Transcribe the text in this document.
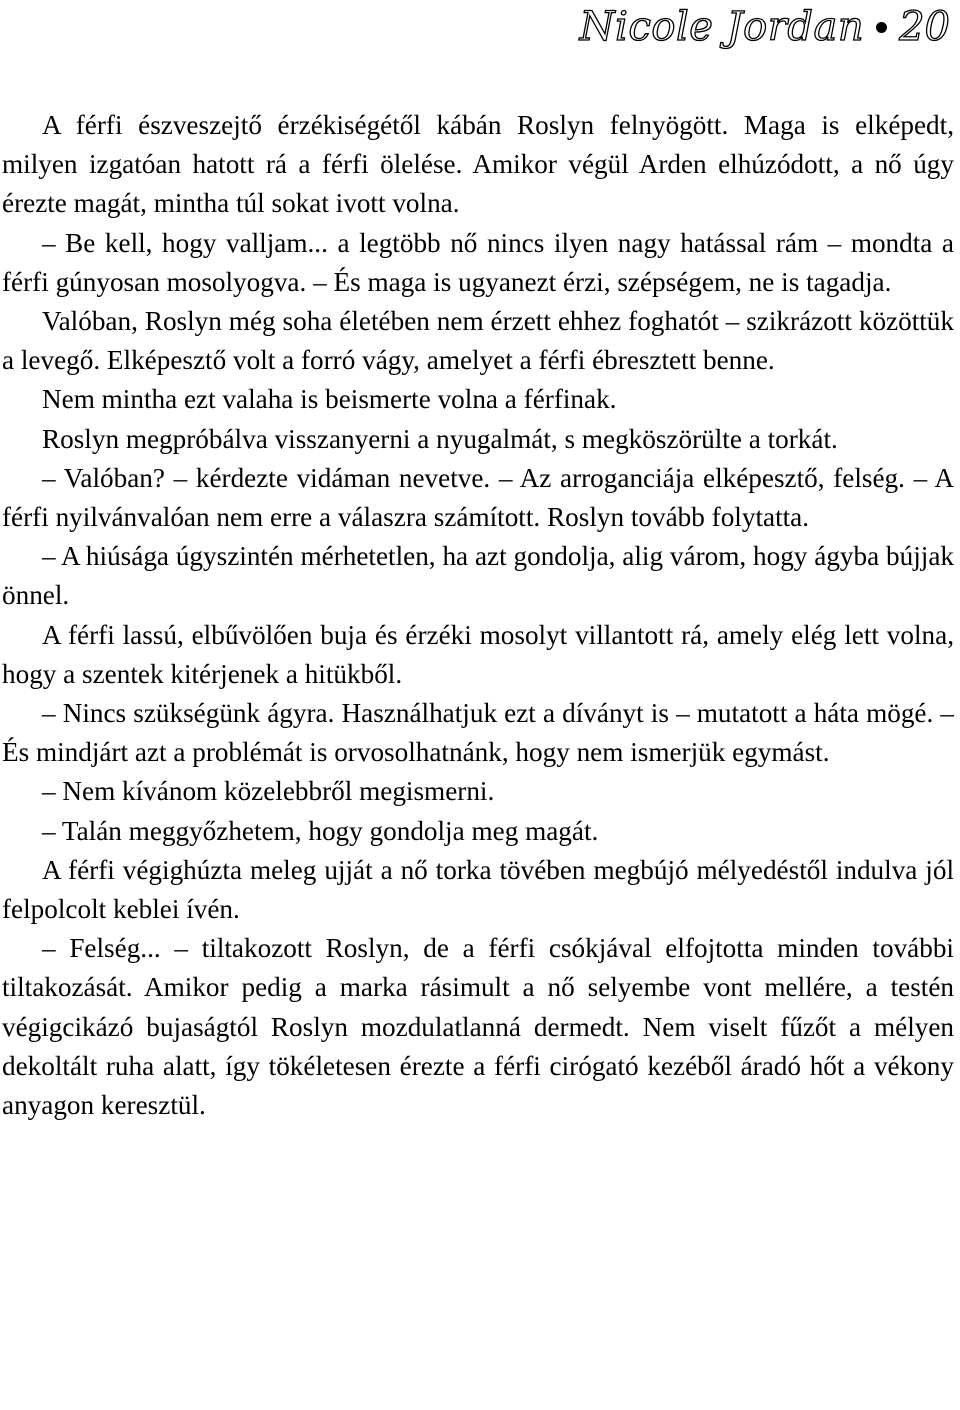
Nicole Jordan 20

A férfi észveszejtő érzékiségétől kábán Roslyn felnyögött. Maga is elképedt, milyen izgatóan hatott rá a férfi ölelése. Amikor végül Arden elhúzódott, a nő úgy érezte magát, mintha túl sokat ivott volna.

– Be kell, hogy valljam... a legtöbb nő nincs ilyen nagy hatással rám – mondta a férfi gúnyosan mosolyogva. – És maga is ugyanezt érzi, szépségem, ne is tagadja.

Valóban, Roslyn még soha életében nem érzett ehhez foghatót – szikrázott közöttük a levegő. Elképesztő volt a forró vágy, amelyet a férfi ébresztett benne.

Nem mintha ezt valaha is beismerte volna a férfinak.

Roslyn megpróbálva visszanyerni a nyugalmát, s megköszörülte a torkát.

– Valóban? – kérdezte vidáman nevetve. – Az arroganciája elképesztő, felség. – A férfi nyilvánvalóan nem erre a válaszra számított. Roslyn tovább folytatta.

– A hiúsága úgyszintén mérhetetlen, ha azt gondolja, alig várom, hogy ágyba bújjak önnel.

A férfi lassú, elbűvölően buja és érzéki mosolyt villantott rá, amely elég lett volna, hogy a szentek kitérjenek a hitükből.

– Nincs szükségünk ágyra. Használhatjuk ezt a díványt is – mutatott a háta mögé. – És mindjárt azt a problémát is orvosolhatnánk, hogy nem ismerjük egymást.

– Nem kívánom közelebbről megismerni.

– Talán meggyőzhetem, hogy gondolja meg magát.

A férfi végighúzta meleg ujját a nő torka tövében megbújó mélyedéstől indulva jól felpolcolt keblei ívén.

– Felség... – tiltakozott Roslyn, de a férfi csókjával elfojtotta minden további tiltakozását. Amikor pedig a marka rásimult a nő selyembe vont mellére, a testén végigcikázó bujaságtól Roslyn mozdulatlanná dermedt. Nem viselt fűzőt a mélyen dekoltált ruha alatt, így tökéletesen érezte a férfi cirógató kezéből áradó hőt a vékony anyagon keresztül.
